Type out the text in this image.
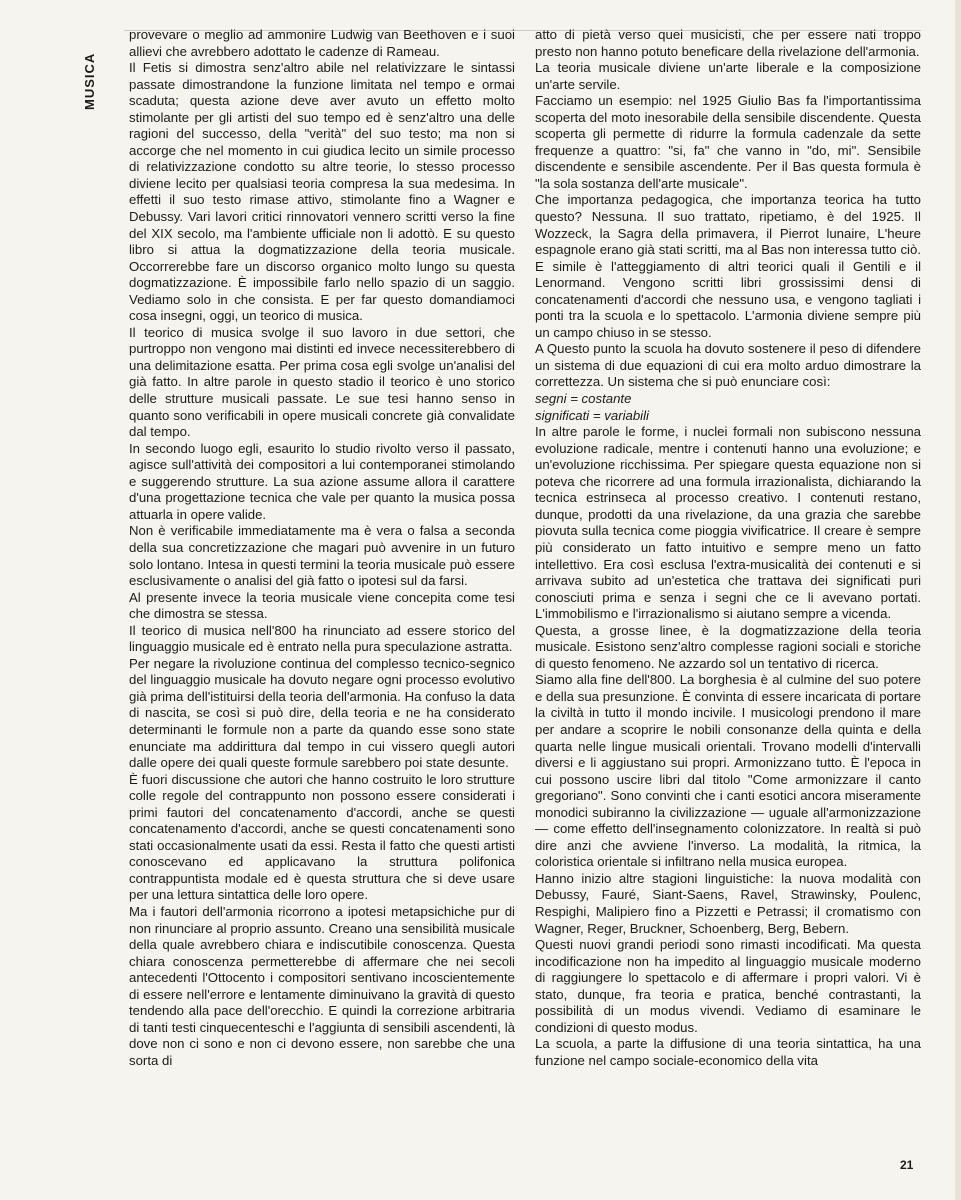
MUSICA

provevare o meglio ad ammonire Ludwig van Beethoven e i suoi allievi che avrebbero adottato le cadenze di Rameau.

Il Fetis si dimostra senz'altro abile nel relativizzare le sintassi passate dimostrandone la funzione limitata nel tempo e ormai scaduta; questa azione deve aver avuto un effetto molto stimolante per gli artisti del suo tempo ed è senz'altro una delle ragioni del successo, della "verità" del suo testo; ma non si accorge che nel momento in cui giudica lecito un simile processo di relativizzazione condotto su altre teorie, lo stesso processo diviene lecito per qualsiasi teoria compresa la sua medesima. In effetti il suo testo rimase attivo, stimolante fino a Wagner e Debussy. Vari lavori critici rinnovatori vennero scritti verso la fine del XIX secolo, ma l'ambiente ufficiale non li adottò. E su questo libro si attua la dogmatizzazione della teoria musicale. Occorrerebbe fare un discorso organico molto lungo su questa dogmatizzazione. È impossibile farlo nello spazio di un saggio. Vediamo solo in che consista. E per far questo domandiamoci cosa insegni, oggi, un teorico di musica.

Il teorico di musica svolge il suo lavoro in due settori, che purtroppo non vengono mai distinti ed invece necessiterebbero di una delimitazione esatta. Per prima cosa egli svolge un'analisi del già fatto. In altre parole in questo stadio il teorico è uno storico delle strutture musicali passate. Le sue tesi hanno senso in quanto sono verificabili in opere musicali concrete già convalidate dal tempo.

In secondo luogo egli, esaurito lo studio rivolto verso il passato, agisce sull'attività dei compositori a lui contemporanei stimolando e suggerendo strutture. La sua azione assume allora il carattere d'una progettazione tecnica che vale per quanto la musica possa attuarla in opere valide.

Non è verificabile immediatamente ma è vera o falsa a seconda della sua concretizzazione che magari può avvenire in un futuro solo lontano. Intesa in questi termini la teoria musicale può essere esclusivamente o analisi del già fatto o ipotesi sul da farsi.

Al presente invece la teoria musicale viene concepita come tesi che dimostra se stessa.

Il teorico di musica nell'800 ha rinunciato ad essere storico del linguaggio musicale ed è entrato nella pura speculazione astratta.

Per negare la rivoluzione continua del complesso tecnico-segnico del linguaggio musicale ha dovuto negare ogni processo evolutivo già prima dell'istituirsi della teoria dell'armonia. Ha confuso la data di nascita, se così si può dire, della teoria e ne ha considerato determinanti le formule non a parte da quando esse sono state enunciate ma addirittura dal tempo in cui vissero quegli autori dalle opere dei quali queste formule sarebbero poi state desunte.

È fuori discussione che autori che hanno costruito le loro strutture colle regole del contrappunto non possono essere considerati i primi fautori del concatenamento d'accordi, anche se questi concatenamento d'accordi, anche se questi concatenamenti sono stati occasionalmente usati da essi. Resta il fatto che questi artisti conoscevano ed applicavano la struttura polifonica contrappuntista modale ed è questa struttura che si deve usare per una lettura sintattica delle loro opere.

Ma i fautori dell'armonia ricorrono a ipotesi metapsichiche pur di non rinunciare al proprio assunto. Creano una sensibilità musicale della quale avrebbero chiara e indiscutibile conoscenza. Questa chiara conoscenza permetterebbe di affermare che nei secoli antecedenti l'Ottocento i compositori sentivano incoscientemente di essere nell'errore e lentamente diminuivano la gravità di questo tendendo alla pace dell'orecchio. E quindi la correzione arbitraria di tanti testi cinquecenteschi e l'aggiunta di sensibili ascendenti, là dove non ci sono e non ci devono essere, non sarebbe che una sorta di

atto di pietà verso quei musicisti, che per essere nati troppo presto non hanno potuto beneficare della rivelazione dell'armonia.

La teoria musicale diviene un'arte liberale e la composizione un'arte servile.

Facciamo un esempio: nel 1925 Giulio Bas fa l'importantissima scoperta del moto inesorabile della sensibile discendente. Questa scoperta gli permette di ridurre la formula cadenzale da sette frequenze a quattro: "si, fa" che vanno in "do, mi". Sensibile discendente e sensibile ascendente. Per il Bas questa formula è "la sola sostanza dell'arte musicale".

Che importanza pedagogica, che importanza teorica ha tutto questo? Nessuna. Il suo trattato, ripetiamo, è del 1925. Il Wozzeck, la Sagra della primavera, il Pierrot lunaire, L'heure espagnole erano già stati scritti, ma al Bas non interessa tutto ciò. E simile è l'atteggiamento di altri teorici quali il Gentili e il Lenormand. Vengono scritti libri grossissimi densi di concatenamenti d'accordi che nessuno usa, e vengono tagliati i ponti tra la scuola e lo spettacolo. L'armonia diviene sempre più un campo chiuso in se stesso.

A Questo punto la scuola ha dovuto sostenere il peso di difendere un sistema di due equazioni di cui era molto arduo dimostrare la correttezza. Un sistema che si può enunciare così:

segni = costante

significati = variabili

In altre parole le forme, i nuclei formali non subiscono nessuna evoluzione radicale, mentre i contenuti hanno una evoluzione; e un'evoluzione ricchissima. Per spiegare questa equazione non si poteva che ricorrere ad una formula irrazionalista, dichiarando la tecnica estrinseca al processo creativo. I contenuti restano, dunque, prodotti da una rivelazione, da una grazia che sarebbe piovuta sulla tecnica come pioggia vivificatrice. Il creare è sempre più considerato un fatto intuitivo e sempre meno un fatto intellettivo. Era così esclusa l'extra-musicalità dei contenuti e si arrivava subito ad un'estetica che trattava dei significati puri conosciuti prima e senza i segni che ce li avevano portati. L'immobilismo e l'irrazionalismo si aiutano sempre a vicenda.

Questa, a grosse linee, è la dogmatizzazione della teoria musicale. Esistono senz'altro complesse ragioni sociali e storiche di questo fenomeno. Ne azzardo sol un tentativo di ricerca.

Siamo alla fine dell'800. La borghesia è al culmine del suo potere e della sua presunzione. È convinta di essere incaricata di portare la civiltà in tutto il mondo incivile. I musicologi prendono il mare per andare a scoprire le nobili consonanze della quinta e della quarta nelle lingue musicali orientali. Trovano modelli d'intervalli diversi e li aggiustano sui propri. Armonizzano tutto. È l'epoca in cui possono uscire libri dal titolo "Come armonizzare il canto gregoriano". Sono convinti che i canti esotici ancora miseramente monodici subiranno la civilizzazione — uguale all'armonizzazione — come effetto dell'insegnamento colonizzatore. In realtà si può dire anzi che avviene l'inverso. La modalità, la ritmica, la coloristica orientale si infiltrano nella musica europea.

Hanno inizio altre stagioni linguistiche: la nuova modalità con Debussy, Fauré, Siant-Saens, Ravel, Strawinsky, Poulenc, Respighi, Malipiero fino a Pizzetti e Petrassi; il cromatismo con Wagner, Reger, Bruckner, Schoenberg, Berg, Bebern.

Questi nuovi grandi periodi sono rimasti incodificati. Ma questa incodificazione non ha impedito al linguaggio musicale moderno di raggiungere lo spettacolo e di affermare i propri valori. Vi è stato, dunque, fra teoria e pratica, benché contrastanti, la possibilità di un modus vivendi. Vediamo di esaminare le condizioni di questo modus.

La scuola, a parte la diffusione di una teoria sintattica, ha una funzione nel campo sociale-economico della vita

21
